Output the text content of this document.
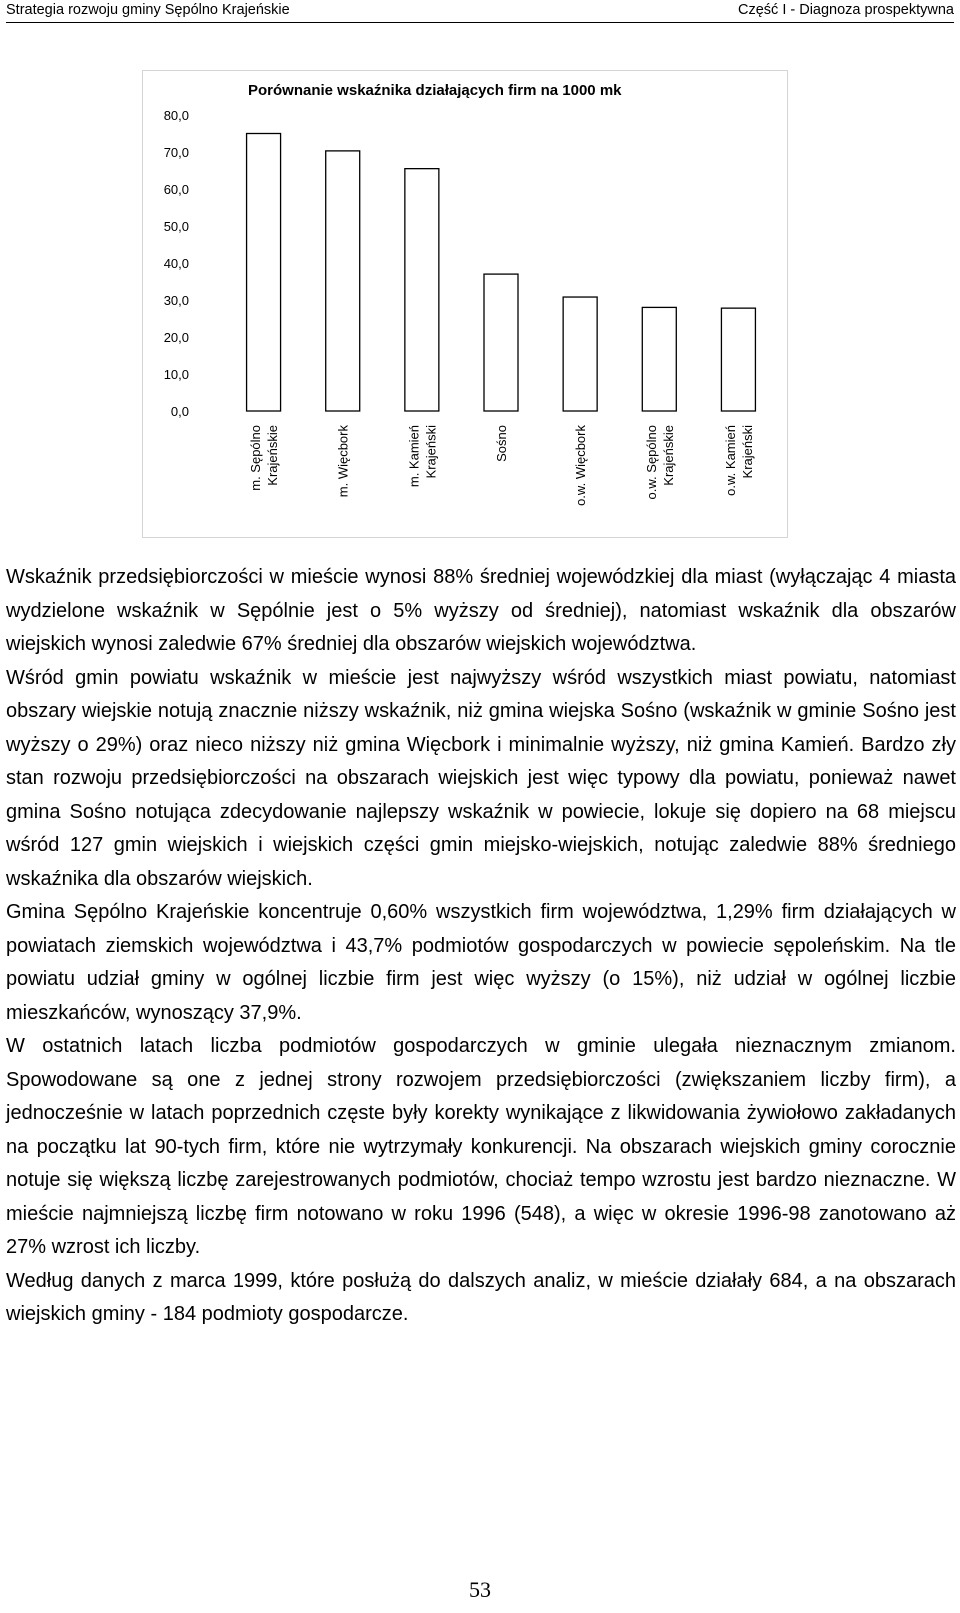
Strategia rozwoju gminy Sępólno Krajeńskie	Część I - Diagnoza prospektywna
Porównanie wskaźnika działających firm na 1000 mk
0,0
10,0
20,0
30,0
40,0
50,0
60,0
70,0
80,0
m. Sępólno Krajeńskie	m. Więcbork	m. Kamień Krajeński	Sośno	o.w. Więcbork	o.w. Sępólno Krajeńskie	o.w. Kamień Krajeński

Wskaźnik przedsiębiorczości w mieście wynosi 88% średniej wojewódzkiej dla miast (wyłączając 4 miasta wydzielone wskaźnik w Sępólnie jest o 5% wyższy od średniej), natomiast wskaźnik dla obszarów wiejskich wynosi zaledwie 67% średniej dla obszarów wiejskich województwa.

Wśród gmin powiatu wskaźnik w mieście jest najwyższy wśród wszystkich miast powiatu, natomiast obszary wiejskie notują znacznie niższy wskaźnik, niż gmina wiejska Sośno (wskaźnik w gminie Sośno jest wyższy o 29%) oraz nieco niższy niż gmina Więcbork i minimalnie wyższy, niż gmina Kamień. Bardzo zły stan rozwoju przedsiębiorczości na obszarach wiejskich jest więc typowy dla powiatu, ponieważ nawet gmina Sośno notująca zdecydowanie najlepszy wskaźnik w powiecie, lokuje się dopiero na 68 miejscu wśród 127 gmin wiejskich i wiejskich części gmin miejsko-wiejskich, notując zaledwie 88% średniego wskaźnika dla obszarów wiejskich.

Gmina Sępólno Krajeńskie koncentruje 0,60% wszystkich firm województwa, 1,29% firm działających w powiatach ziemskich województwa i 43,7% podmiotów gospodarczych w powiecie sępoleńskim. Na tle powiatu udział gminy w ogólnej liczbie firm jest więc wyższy (o 15%), niż udział w ogólnej liczbie mieszkańców, wynoszący 37,9%.

W ostatnich latach liczba podmiotów gospodarczych w gminie ulegała nieznacznym zmianom. Spowodowane są one z jednej strony rozwojem przedsiębiorczości (zwiększaniem liczby firm), a jednocześnie w latach poprzednich częste były korekty wynikające z likwidowania żywiołowo zakładanych na początku lat 90-tych firm, które nie wytrzymały konkurencji. Na obszarach wiejskich gminy corocznie notuje się większą liczbę zarejestrowanych podmiotów, chociaż tempo wzrostu jest bardzo nieznaczne. W mieście najmniejszą liczbę firm notowano w roku 1996 (548), a więc w okresie 1996-98 zanotowano aż 27% wzrost ich liczby.

Według danych z marca 1999, które posłużą do dalszych analiz, w mieście działały 684, a na obszarach wiejskich gminy - 184 podmioty gospodarcze.

53
